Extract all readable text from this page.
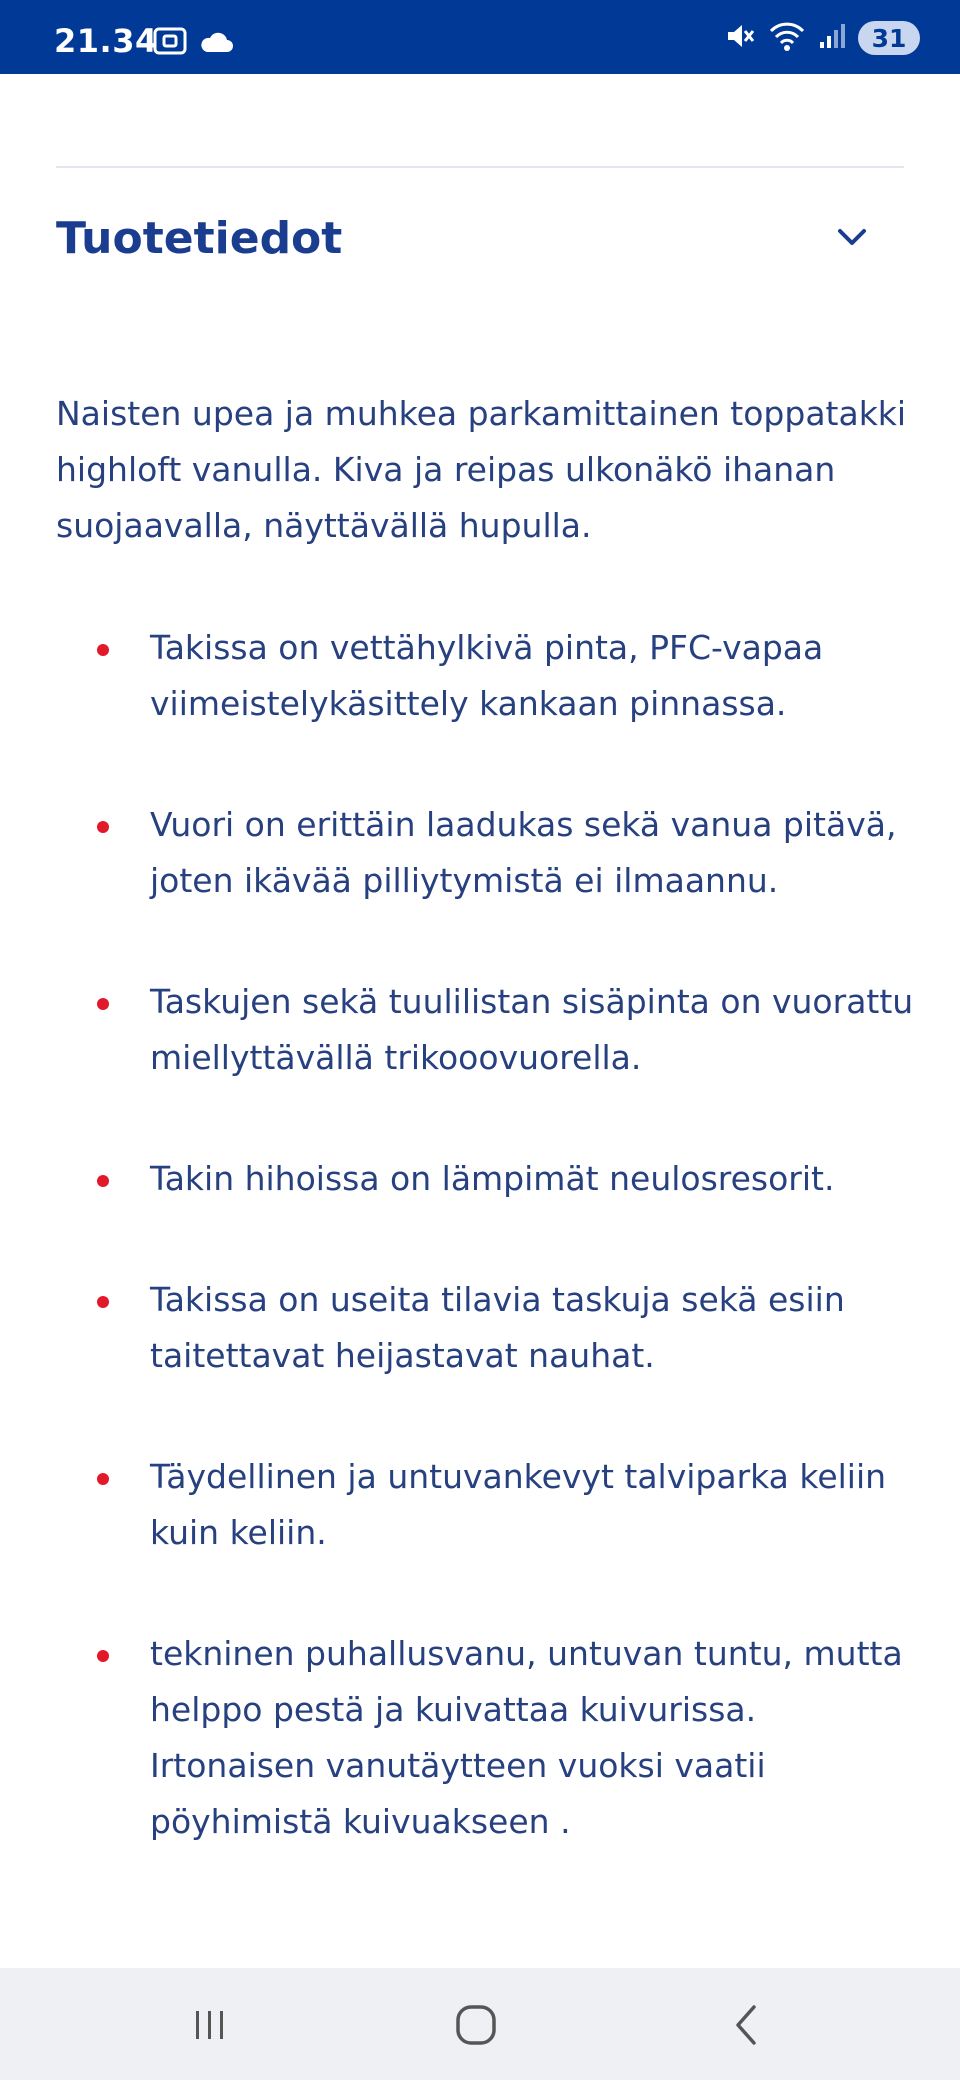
21.34	31
Tuotetiedot
Naisten upea ja muhkea parkamittainen toppatakki highloft vanulla. Kiva ja reipas ulkonäkö ihanan suojaavalla, näyttävällä hupulla.
Takissa on vettähylkivä pinta, PFC-vapaa viimeistelykäsittely kankaan pinnassa.
Vuori on erittäin laadukas sekä vanua pitävä, joten ikävää pilliytymistä ei ilmaannu.
Taskujen sekä tuulilistan sisäpinta on vuorattu miellyttävällä trikooovuorella.
Takin hihoissa on lämpimät neulosresorit.
Takissa on useita tilavia taskuja sekä esiin taitettavat heijastavat nauhat.
Täydellinen ja untuvankevyt talviparka keliin kuin keliin.
tekninen puhallusvanu, untuvan tuntu, mutta helppo pestä ja kuivattaa kuivurissa. Irtonaisen vanutäytteen vuoksi vaatii pöyhimistä kuivuakseen .
